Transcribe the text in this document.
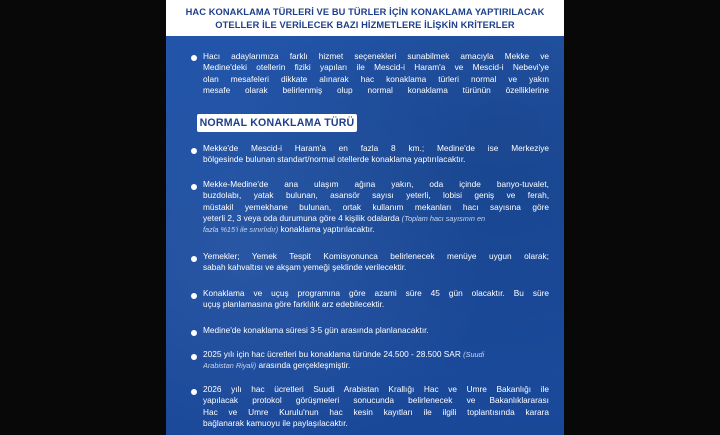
HAC KONAKLAMA TÜRLERİ VE BU TÜRLER İÇİN KONAKLAMA YAPTIRILACAK
OTELLER İLE VERİLECEK BAZI HİZMETLERE İLİŞKİN KRİTERLER
Hacı adaylarımıza farklı hizmet seçenekleri sunabilmek amacıyla Mekke ve
Medine'deki otellerin fiziki yapıları ile Mescid-i Haram'a ve Mescid-i Nebevi'ye
olan mesafeleri dikkate alınarak hac konaklama türleri normal ve yakın
mesafe olarak belirlenmiş olup normal konaklama türünün özelliklerine
NORMAL KONAKLAMA TÜRÜ
Mekke'de Mescid-i Haram'a en fazla 8 km.; Medine'de ise Merkeziye
bölgesinde bulunan standart/normal otellerde konaklama yaptırılacaktır.
Mekke-Medine'de ana ulaşım ağına yakın, oda içinde banyo-tuvalet,
buzdolabı, yatak bulunan, asansör sayısı yeterli, lobisi geniş ve ferah,
müstakil yemekhane bulunan, ortak kullanım mekanları hacı sayısına göre
yeterli 2, 3 veya oda durumuna göre 4 kişilik odalarda (Toplam hacı sayısının en
fazla %15'i ile sınırlıdır) konaklama yaptırılacaktır.
Yemekler; Yemek Tespit Komisyonunca belirlenecek menüye uygun olarak;
sabah kahvaltısı ve akşam yemeği şeklinde verilecektir.
Konaklama ve uçuş programına göre azami süre 45 gün olacaktır. Bu süre
uçuş planlamasına göre farklılık arz edebilecektir.
Medine'de konaklama süresi 3-5 gün arasında planlanacaktır.
2025 yılı için hac ücretleri bu konaklama türünde 24.500 - 28.500 SAR (Suudi
Arabistan Riyali) arasında gerçekleşmiştir.
2026 yılı hac ücretleri Suudi Arabistan Krallığı Hac ve Umre Bakanlığı ile
yapılacak protokol görüşmeleri sonucunda belirlenecek ve Bakanlıklararası
Hac ve Umre Kurulu'nun hac kesin kayıtları ile ilgili toplantısında karara
bağlanarak kamuoyu ile paylaşılacaktır.
